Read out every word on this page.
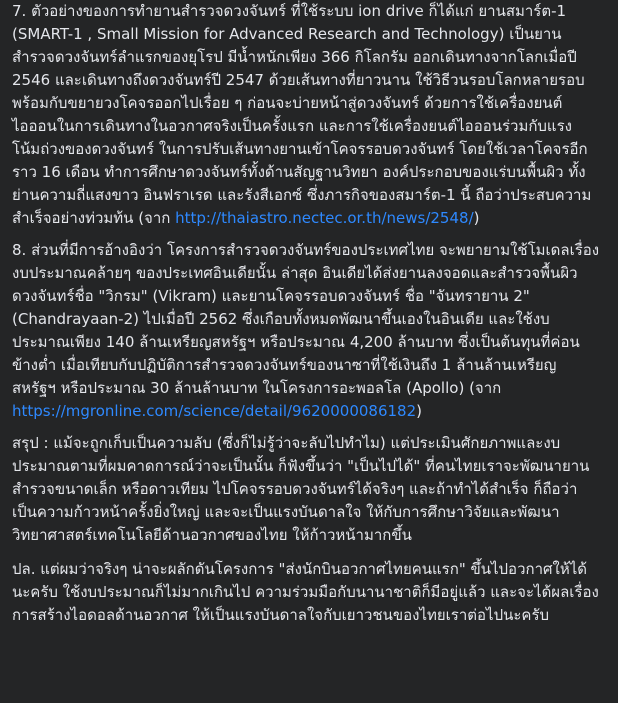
7. ตัวอย่างของการทำยานสำรวจดวงจันทร์ ที่ใช้ระบบ ion drive ก็ได้แก่ ยานสมาร์ต-1 (SMART-1 , Small Mission for Advanced Research and Technology) เป็นยานสำรวจดวงจันทร์ลำแรกของยุโรป มีน้ำหนักเพียง 366 กิโลกรัม ออกเดินทางจากโลกเมื่อปี 2546 และเดินทางถึงดวงจันทร์ปี 2547 ด้วยเส้นทางที่ยาวนาน ใช้วิธีวนรอบโลกหลายรอบ พร้อมกับขยายวงโคจรออกไปเรื่อย ๆ ก่อนจะบ่ายหน้าสู่ดวงจันทร์ ด้วยการใช้เครื่องยนต์ไอออนในการเดินทางในอวกาศจริงเป็นครั้งแรก และการใช้เครื่องยนต์ไอออนร่วมกับแรงโน้มถ่วงของดวงจันทร์ ในการปรับเส้นทางยานเข้าโคจรรอบดวงจันทร์ โดยใช้เวลาโคจรอีกราว 16 เดือน ทำการศึกษาดวงจันทร์ทั้งด้านสัญฐานวิทยา องค์ประกอบของแร่บนพื้นผิว ทั้งย่านความถี่แสงขาว อินฟราเรด และรังสีเอกซ์ ซึ่งภารกิจของสมาร์ต-1 นี้ ถือว่าประสบความสำเร็จอย่างท่วมท้น (จาก http://thaiastro.nectec.or.th/news/2548/)

8. ส่วนที่มีการอ้างอิงว่า โครงการสำรวจดวงจันทร์ของประเทศไทย จะพยายามใช้โมเดลเรื่องงบประมาณคล้ายๆ ของประเทศอินเดียนั้น ล่าสุด อินเดียได้ส่งยานลงจอดและสำรวจพื้นผิวดวงจันทร์ชื่อ "วิกรม" (Vikram) และยานโคจรรอบดวงจันทร์ ชื่อ "จันทรายาน 2" (Chandrayaan-2) ไปเมื่อปี 2562 ซึ่งเกือบทั้งหมดพัฒนาขึ้นเองในอินเดีย และใช้งบประมาณเพียง 140 ล้านเหรียญสหรัฐฯ หรือประมาณ 4,200 ล้านบาท ซึ่งเป็นต้นทุนที่ค่อนข้างต่ำ เมื่อเทียบกับปฏิบัติการสำรวจดวงจันทร์ของนาซาที่ใช้เงินถึง 1 ล้านล้านเหรียญสหรัฐฯ หรือประมาณ 30 ล้านล้านบาท ในโครงการอะพอลโล (Apollo) (จาก https://mgronline.com/science/detail/9620000086182)

สรุป : แม้จะถูกเก็บเป็นความลับ (ซึ่งก็ไม่รู้ว่าจะลับไปทำไม) แต่ประเมินศักยภาพและงบประมาณตามที่ผมคาดการณ์ว่าจะเป็นนั้น ก็ฟังขึ้นว่า "เป็นไปได้" ที่คนไทยเราจะพัฒนายานสำรวจขนาดเล็ก หรือดาวเทียม ไปโคจรรอบดวงจันทร์ได้จริงๆ และถ้าทำได้สำเร็จ ก็ถือว่าเป็นความก้าวหน้าครั้งยิ่งใหญ่ และจะเป็นแรงบันดาลใจ ให้กับการศึกษาวิจัยและพัฒนาวิทยาศาสตร์เทคโนโลยีด้านอวกาศของไทย ให้ก้าวหน้ามากขึ้น

ปล. แต่ผมว่าจริงๆ น่าจะผลักดันโครงการ "ส่งนักบินอวกาศไทยคนแรก" ขึ้นไปอวกาศให้ได้นะครับ ใช้งบประมาณก็ไม่มากเกินไป ความร่วมมือกับนานาชาติก็มีอยู่แล้ว และจะได้ผลเรื่องการสร้างไอดอลด้านอวกาศ ให้เป็นแรงบันดาลใจกับเยาวชนของไทยเราต่อไปนะครับ
